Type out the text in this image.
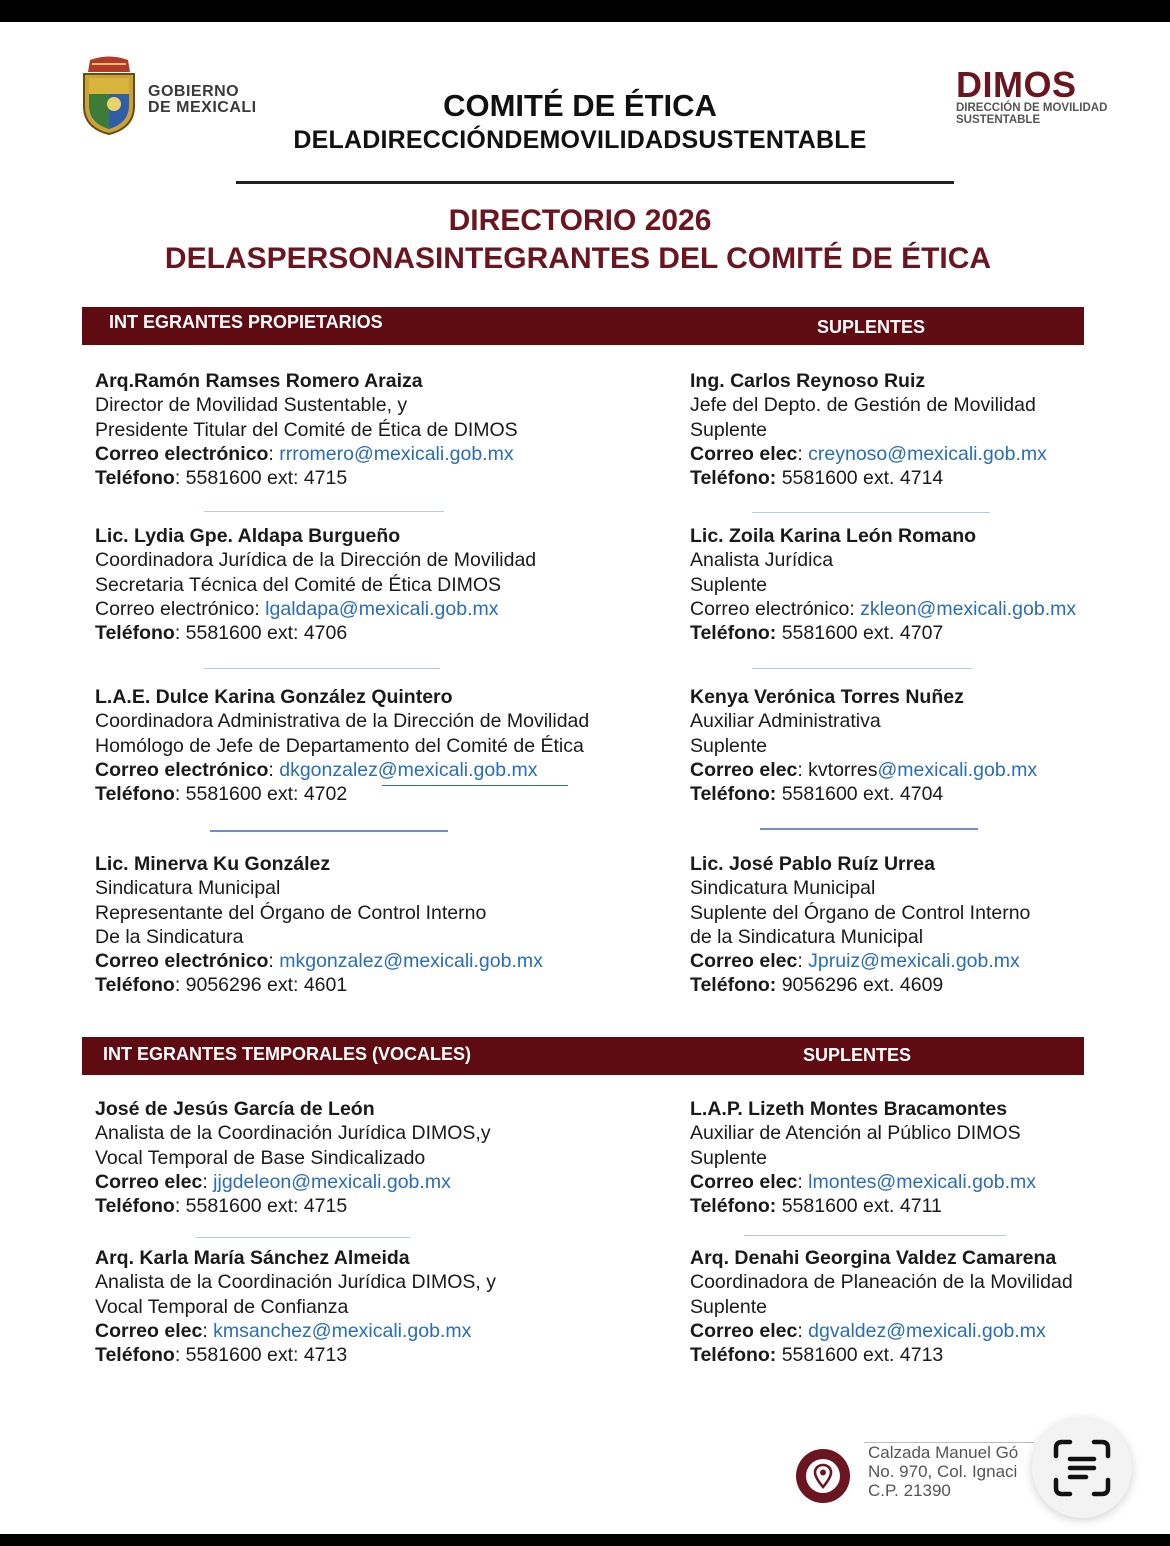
GOBIERNO
DE MEXICALI
DIMOS
DIRECCIÓN DE MOVILIDAD
SUSTENTABLE
COMITÉ DE ÉTICA
DELADIRECCIÓNDEMOVILIDADSUSTENTABLE
DIRECTORIO 2026
DELASPERSONASINTEGRANTES DEL COMITÉ DE ÉTICA
INT EGRANTES PROPIETARIOS	SUPLENTES
Arq.Ramón Ramses Romero Araiza
Director de Movilidad Sustentable, y
Presidente Titular del Comité de Ética de DIMOS
Correo electrónico: rrromero@mexicali.gob.mx
Teléfono: 5581600 ext: 4715
Lic. Lydia Gpe. Aldapa Burgueño
Coordinadora Jurídica de la Dirección de Movilidad
Secretaria Técnica del Comité de Ética DIMOS
Correo electrónico: lgaldapa@mexicali.gob.mx
Teléfono: 5581600 ext: 4706
L.A.E. Dulce Karina González Quintero
Coordinadora Administrativa de la Dirección de Movilidad
Homólogo de Jefe de Departamento del Comité de Ética
Correo electrónico: dkgonzalez@mexicali.gob.mx
Teléfono: 5581600 ext: 4702
Lic. Minerva Ku González
Sindicatura Municipal
Representante del Órgano de Control Interno
De la Sindicatura
Correo electrónico: mkgonzalez@mexicali.gob.mx
Teléfono: 9056296 ext: 4601
Ing. Carlos Reynoso Ruiz
Jefe del Depto. de Gestión de Movilidad
Suplente
Correo elec: creynoso@mexicali.gob.mx
Teléfono: 5581600 ext. 4714
Lic. Zoila Karina León Romano
Analista Jurídica
Suplente
Correo electrónico: zkleon@mexicali.gob.mx
Teléfono: 5581600 ext. 4707
Kenya Verónica Torres Nuñez
Auxiliar Administrativa
Suplente
Correo elec: kvtorres@mexicali.gob.mx
Teléfono: 5581600 ext. 4704
Lic. José Pablo Ruíz Urrea
Sindicatura Municipal
Suplente del Órgano de Control Interno
de la Sindicatura Municipal
Correo elec: Jpruiz@mexicali.gob.mx
Teléfono: 9056296 ext. 4609
INT EGRANTES TEMPORALES (VOCALES)	SUPLENTES
José de Jesús García de León
Analista de la Coordinación Jurídica DIMOS,y
Vocal Temporal de Base Sindicalizado
Correo elec: jjgdeleon@mexicali.gob.mx
Teléfono: 5581600 ext: 4715
Arq. Karla María Sánchez Almeida
Analista de la Coordinación Jurídica DIMOS, y
Vocal Temporal de Confianza
Correo elec: kmsanchez@mexicali.gob.mx
Teléfono: 5581600 ext: 4713
L.A.P. Lizeth Montes Bracamontes
Auxiliar de Atención al Público DIMOS
Suplente
Correo elec: lmontes@mexicali.gob.mx
Teléfono: 5581600 ext. 4711
Arq. Denahi Georgina Valdez Camarena
Coordinadora de Planeación de la Movilidad
Suplente
Correo elec: dgvaldez@mexicali.gob.mx
Teléfono: 5581600 ext. 4713
Calzada Manuel Gó
No. 970, Col. Ignaci
C.P. 21390
